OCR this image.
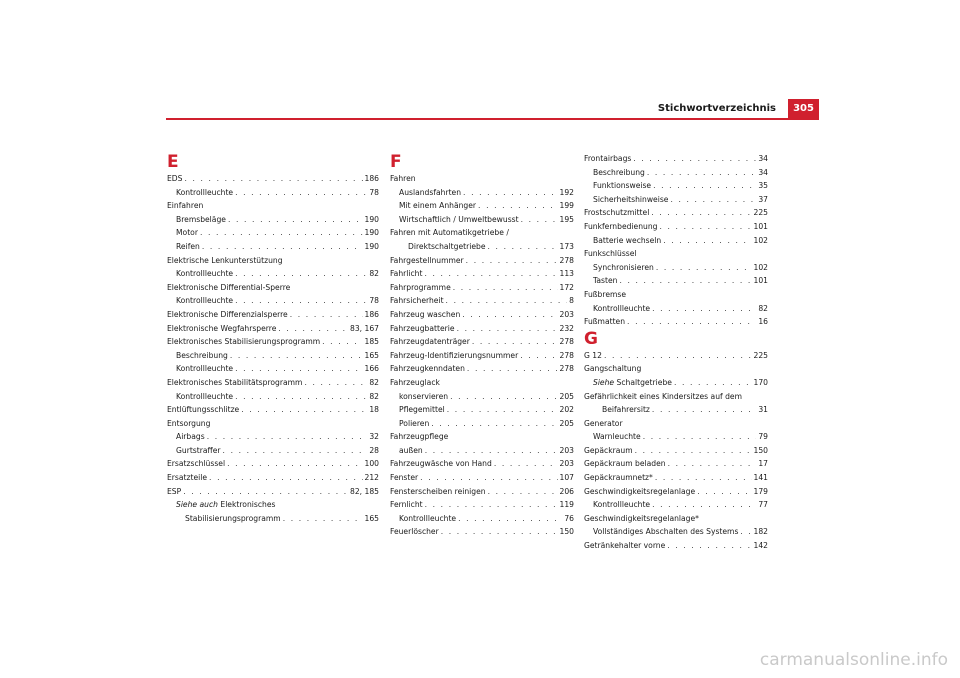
Stichwortverzeichnis	305
E
EDS . . .	186
Kontrollleuchte . . .	78
Einfahren
Bremsbeläge . . .	190
Motor . . .	190
Reifen . . .	190
Elektrische Lenkunterstützung
Kontrollleuchte . . .	82
Elektronische Differential-Sperre
Kontrollleuchte . . .	78
Elektronische Differenzialsperre . . .	186
Elektronische Wegfahrsperre . . .	83, 167
Elektronisches Stabilisierungsprogramm . . .	185
Beschreibung . . .	165
Kontrollleuchte . . .	166
Elektronisches Stabilitätsprogramm . . .	82
Kontrollleuchte . . .	82
Entlüftungsschlitze . . .	18
Entsorgung
Airbags . . .	32
Gurtstraffer . . .	28
Ersatzschlüssel . . .	100
Ersatzteile . . .	212
ESP . . .	82, 185
Siehe auch Elektronisches
Stabilisierungsprogramm . . .	165
F
Fahren
Auslandsfahrten . . .	192
Mit einem Anhänger . . .	199
Wirtschaftlich / Umweltbewusst . . .	195
Fahren mit Automatikgetriebe /
Direktschaltgetriebe . . .	173
Fahrgestellnummer . . .	278
Fahrlicht . . .	113
Fahrprogramme . . .	172
Fahrsicherheit . . .	8
Fahrzeug waschen . . .	203
Fahrzeugbatterie . . .	232
Fahrzeugdatenträger . . .	278
Fahrzeug-Identifizierungsnummer . . .	278
Fahrzeugkenndaten . . .	278
Fahrzeuglack
konservieren . . .	205
Pflegemittel . . .	202
Polieren . . .	205
Fahrzeugpflege
außen . . .	203
Fahrzeugwäsche von Hand . . .	203
Fenster . . .	107
Fensterscheiben reinigen . . .	206
Fernlicht . . .	119
Kontrollleuchte . . .	76
Feuerlöscher . . .	150
Frontairbags . . .	34
Beschreibung . . .	34
Funktionsweise . . .	35
Sicherheitshinweise . . .	37
Frostschutzmittel . . .	225
Funkfernbedienung . . .	101
Batterie wechseln . . .	102
Funkschlüssel
Synchronisieren . . .	102
Tasten . . .	101
Fußbremse
Kontrollleuchte . . .	82
Fußmatten . . .	16
G
G 12 . . .	225
Gangschaltung
Siehe Schaltgetriebe . . .	170
Gefährlichkeit eines Kindersitzes auf dem
Beifahrersitz . . .	31
Generator
Warnleuchte . . .	79
Gepäckraum . . .	150
Gepäckraum beladen . . .	17
Gepäckraumnetz* . . .	141
Geschwindigkeitsregelanlage . . .	179
Kontrollleuchte . . .	77
Geschwindigkeitsregelanlage*
Vollständiges Abschalten des Systems . . . 182
Getränkehalter vorne . . .	142
carmanualsonline.info
